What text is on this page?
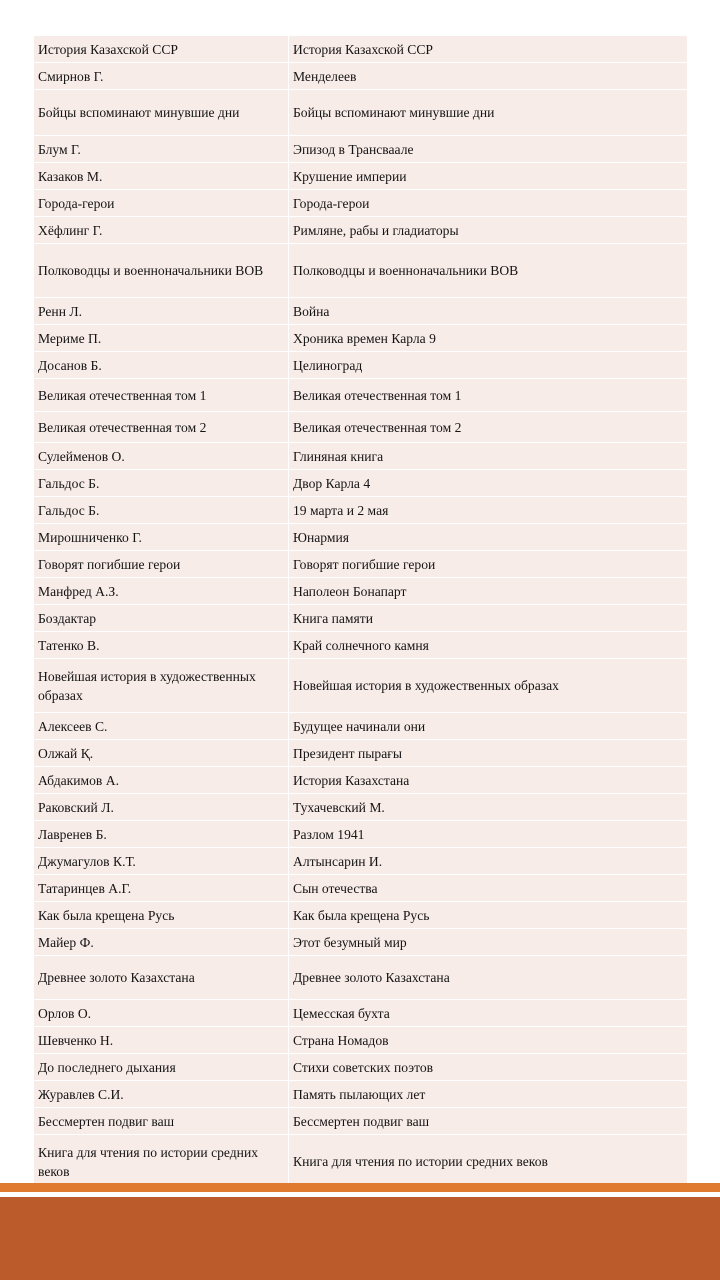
История Казахской ССР	История Казахской ССР
Смирнов Г.	Менделеев
Бойцы вспоминают минувшие дни	Бойцы вспоминают минувшие дни
Блум Г.	Эпизод в Трансваале
Казаков М.	Крушение империи
Города-герои	Города-герои
Хёфлинг Г.	Римляне, рабы и гладиаторы
Полководцы и военноначальники ВОВ	Полководцы и военноначальники ВОВ
Ренн Л.	Война
Мериме П.	Хроника времен Карла 9
Досанов Б.	Целиноград
Великая отечественная том 1	Великая отечественная том 1
Великая отечественная том 2	Великая отечественная том 2
Сулейменов О.	Глиняная книга
Гальдос Б.	Двор Карла 4
Гальдос Б.	19 марта и 2 мая
Мирошниченко Г.	Юнармия
Говорят погибшие герои	Говорят погибшие герои
Манфред А.З.	Наполеон Бонапарт
Боздактар	Книга памяти
Татенко В.	Край солнечного камня
Новейшая история в художественных образах	Новейшая история в художественных образах
Алексеев С.	Будущее начинали они
Олжай Қ.	Президент пырағы
Абдакимов А.	История Казахстана
Раковский Л.	Тухачевский М.
Лавренев Б.	Разлом 1941
Джумагулов К.Т.	Алтынсарин И.
Татаринцев А.Г.	Сын отечества
Как была крещена Русь	Как была крещена Русь
Майер Ф.	Этот безумный мир
Древнее золото Казахстана	Древнее золото Казахстана
Орлов О.	Цемесская бухта
Шевченко Н.	Страна Номадов
До последнего дыхания	Стихи советских поэтов
Журавлев С.И.	Память пылающих лет
Бессмертен подвиг ваш	Бессмертен подвиг ваш
Книга для чтения по истории средних веков	Книга для чтения по истории средних веков
